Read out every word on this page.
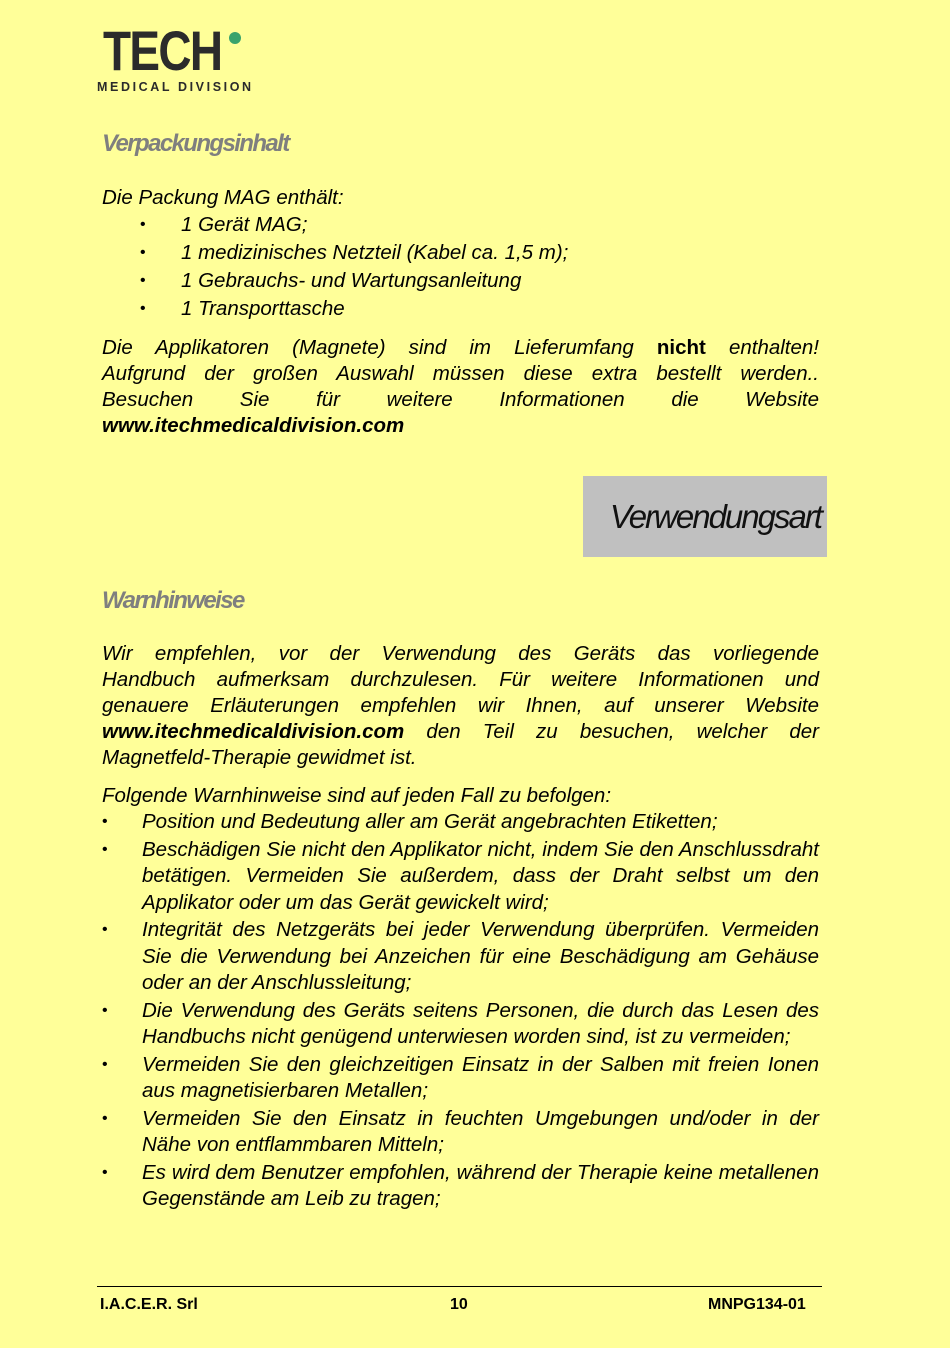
TECH
MEDICAL DIVISION
Verpackungsinhalt
Die Packung MAG enthält:
• 1 Gerät MAG;
• 1 medizinisches Netzteil (Kabel ca. 1,5 m);
• 1 Gebrauchs- und Wartungsanleitung
• 1 Transporttasche
Die Applikatoren (Magnete) sind im Lieferumfang nicht enthalten!
Aufgrund der großen Auswahl müssen diese extra bestellt werden..
Besuchen Sie für weitere Informationen die Website
www.itechmedicaldivision.com
Verwendungsart
Warnhinweise
Wir empfehlen, vor der Verwendung des Geräts das vorliegende
Handbuch aufmerksam durchzulesen. Für weitere Informationen und
genauere Erläuterungen empfehlen wir Ihnen, auf unserer Website
www.itechmedicaldivision.com den Teil zu besuchen, welcher der
Magnetfeld-Therapie gewidmet ist.
Folgende Warnhinweise sind auf jeden Fall zu befolgen:
• Position und Bedeutung aller am Gerät angebrachten Etiketten;
• Beschädigen Sie nicht den Applikator nicht, indem Sie den Anschlussdraht betätigen. Vermeiden Sie außerdem, dass der Draht selbst um den Applikator oder um das Gerät gewickelt wird;
• Integrität des Netzgeräts bei jeder Verwendung überprüfen. Vermeiden Sie die Verwendung bei Anzeichen für eine Beschädigung am Gehäuse oder an der Anschlussleitung;
• Die Verwendung des Geräts seitens Personen, die durch das Lesen des Handbuchs nicht genügend unterwiesen worden sind, ist zu vermeiden;
• Vermeiden Sie den gleichzeitigen Einsatz in der Salben mit freien Ionen aus magnetisierbaren Metallen;
• Vermeiden Sie den Einsatz in feuchten Umgebungen und/oder in der Nähe von entflammbaren Mitteln;
• Es wird dem Benutzer empfohlen, während der Therapie keine metallenen Gegenstände am Leib zu tragen;
I.A.C.E.R. Srl	10	MNPG134-01
